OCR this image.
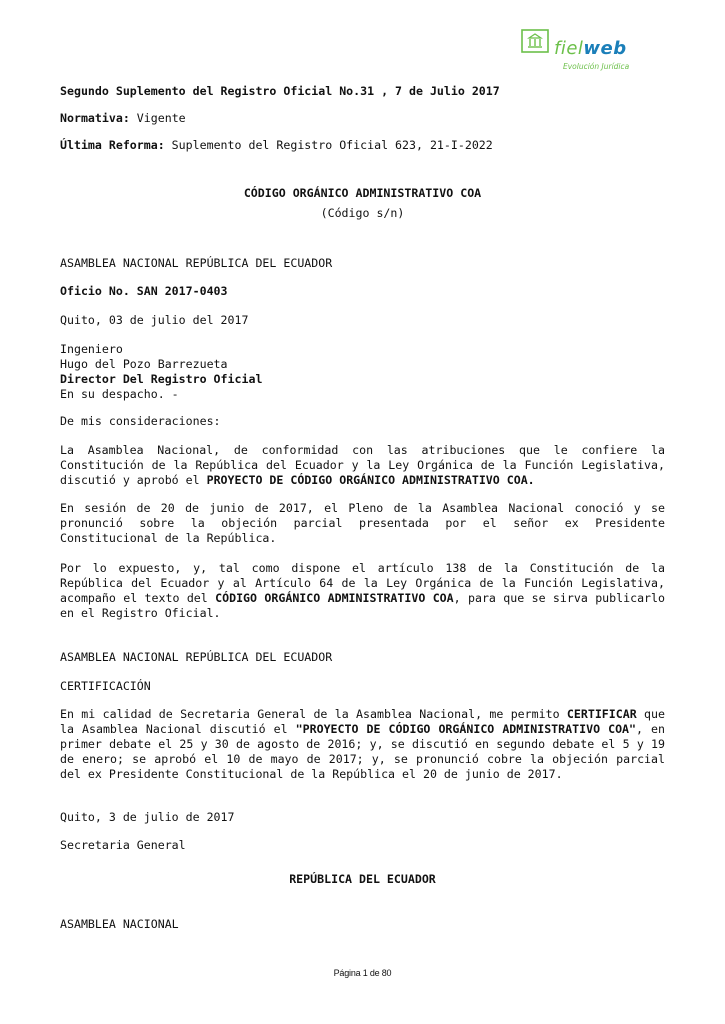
fielweb
Evolución Jurídica
Segundo Suplemento del Registro Oficial No.31 , 7 de Julio 2017
Normativa: Vigente
Última Reforma: Suplemento del Registro Oficial 623, 21-I-2022
CÓDIGO ORGÁNICO ADMINISTRATIVO COA
(Código s/n)
ASAMBLEA NACIONAL REPÚBLICA DEL ECUADOR
Oficio No. SAN 2017-0403
Quito, 03 de julio del 2017
Ingeniero
Hugo del Pozo Barrezueta
Director Del Registro Oficial
En su despacho. -
De mis consideraciones:
La Asamblea Nacional, de conformidad con las atribuciones que le confiere la Constitución de la República del Ecuador y la Ley Orgánica de la Función Legislativa, discutió y aprobó el PROYECTO DE CÓDIGO ORGÁNICO ADMINISTRATIVO COA.
En sesión de 20 de junio de 2017, el Pleno de la Asamblea Nacional conoció y se pronunció sobre la objeción parcial presentada por el señor ex Presidente Constitucional de la República.
Por lo expuesto, y, tal como dispone el artículo 138 de la Constitución de la República del Ecuador y al Artículo 64 de la Ley Orgánica de la Función Legislativa, acompaño el texto del CÓDIGO ORGÁNICO ADMINISTRATIVO COA, para que se sirva publicarlo en el Registro Oficial.
ASAMBLEA NACIONAL REPÚBLICA DEL ECUADOR
CERTIFICACIÓN
En mi calidad de Secretaria General de la Asamblea Nacional, me permito CERTIFICAR que la Asamblea Nacional discutió el "PROYECTO DE CÓDIGO ORGÁNICO ADMINISTRATIVO COA", en primer debate el 25 y 30 de agosto de 2016; y, se discutió en segundo debate el 5 y 19 de enero; se aprobó el 10 de mayo de 2017; y, se pronunció cobre la objeción parcial del ex Presidente Constitucional de la República el 20 de junio de 2017.
Quito, 3 de julio de 2017
Secretaria General
REPÚBLICA DEL ECUADOR
ASAMBLEA NACIONAL
Página 1 de 80
